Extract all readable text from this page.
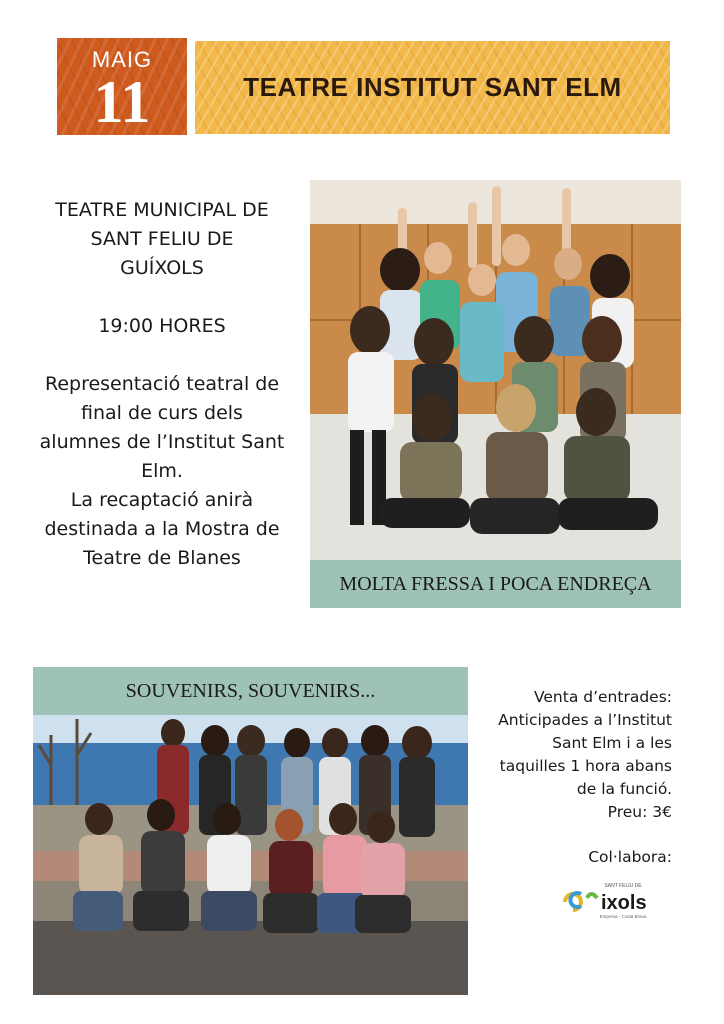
MAIG
11	TEATRE INSTITUT SANT ELM

TEATRE MUNICIPAL DE

SANT FELIU DE

GUÍXOLS

19:00 HORES

Representació teatral de

final de curs dels

alumnes de l’Institut Sant

Elm.

La recaptació anirà

destinada a la Mostra de

Teatre de Blanes

MOLTA FRESSA I POCA ENDREÇA
SOUVENIRS, SOUVENIRS...	Venta d’entrades:

Anticipades a l’Institut

Sant Elm i a les

taquilles 1 hora abans

de la funció.

Preu: 3€

Col·labora:
SANT FELIU DE
ixols
Empresa · Costa Brava
